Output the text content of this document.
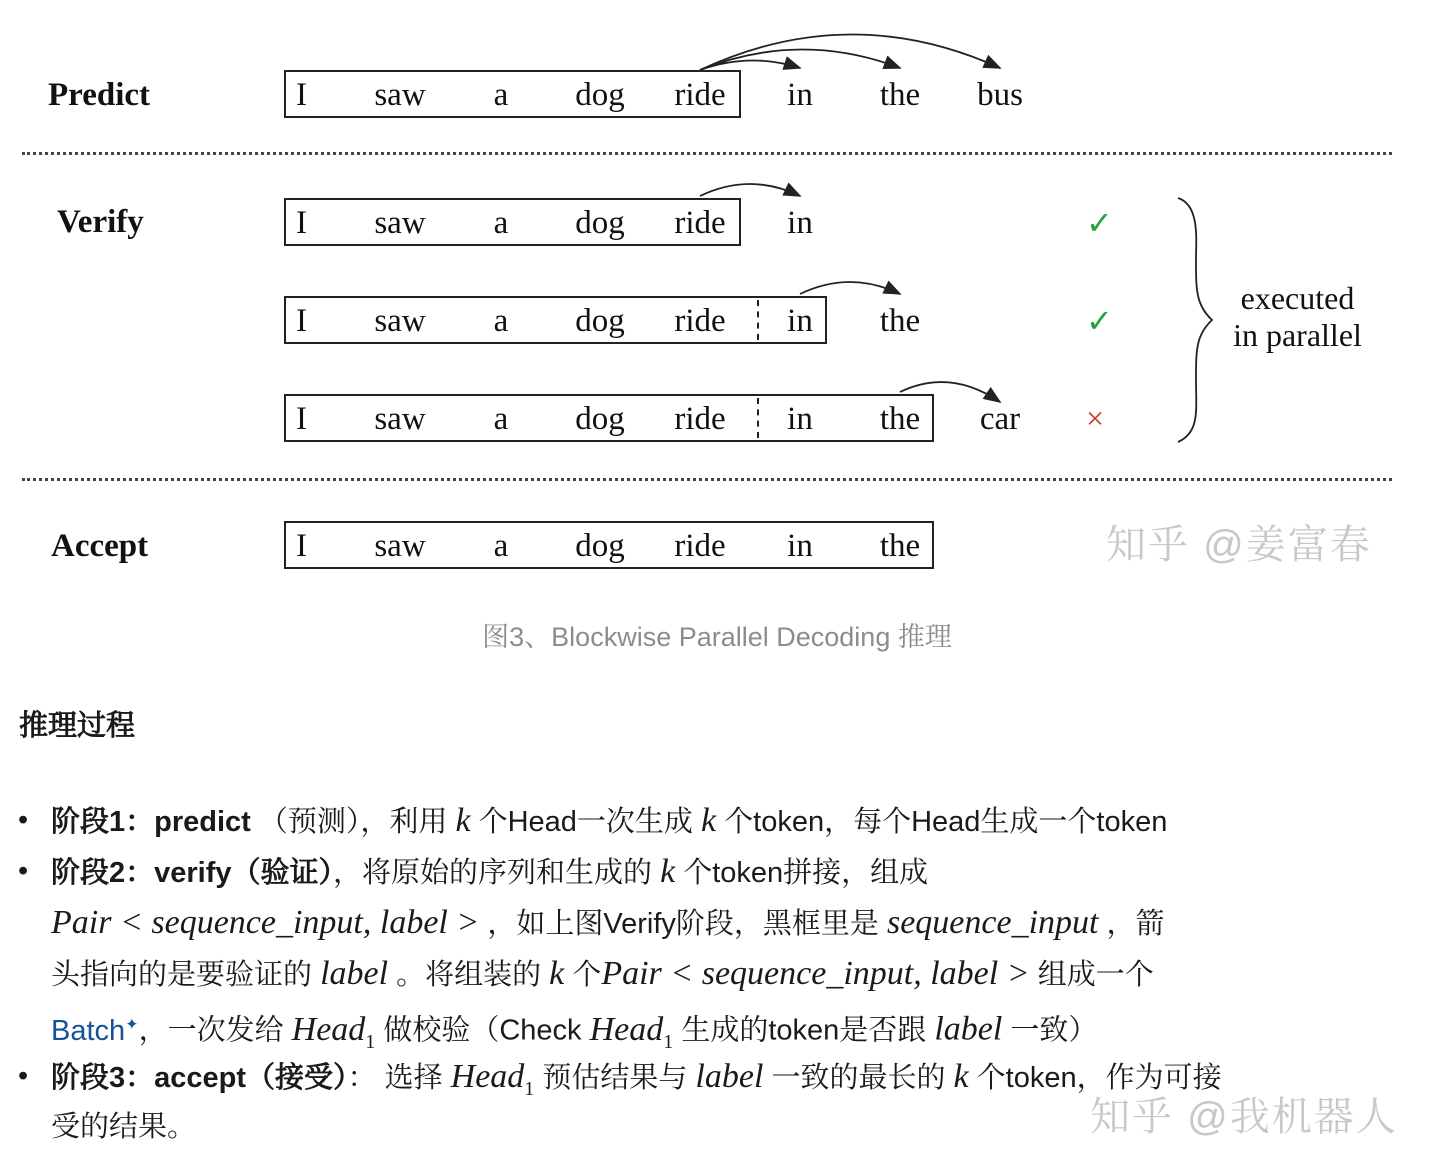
Predict
Verify
Accept
I saw a dog ride in the bus
I saw a dog ride in	✓
I saw a dog ride in the	✓
I saw a dog ride in the car ×
I saw a dog ride in the
executed
in parallel
知乎 @姜富春
图3、Blockwise Parallel Decoding 推理
推理过程
• 阶段1：predict （预测），利用 k 个Head一次生成 k 个token，每个Head生成一个token
• 阶段2：verify（验证），将原始的序列和生成的 k 个token拼接，组成
Pair < sequence_input, label > ，如上图Verify阶段，黑框里是 sequence_input ，箭
头指向的是要验证的 label 。将组装的 k 个Pair < sequence_input, label > 组成一个
Batch✦，一次发给 Head$_1$ 做校验（Check Head$_1$ 生成的token是否跟 label 一致）
• 阶段3：accept（接受）： 选择 Head$_1$ 预估结果与 label 一致的最长的 k 个token，作为可接
受的结果。	知乎 @我机器人
